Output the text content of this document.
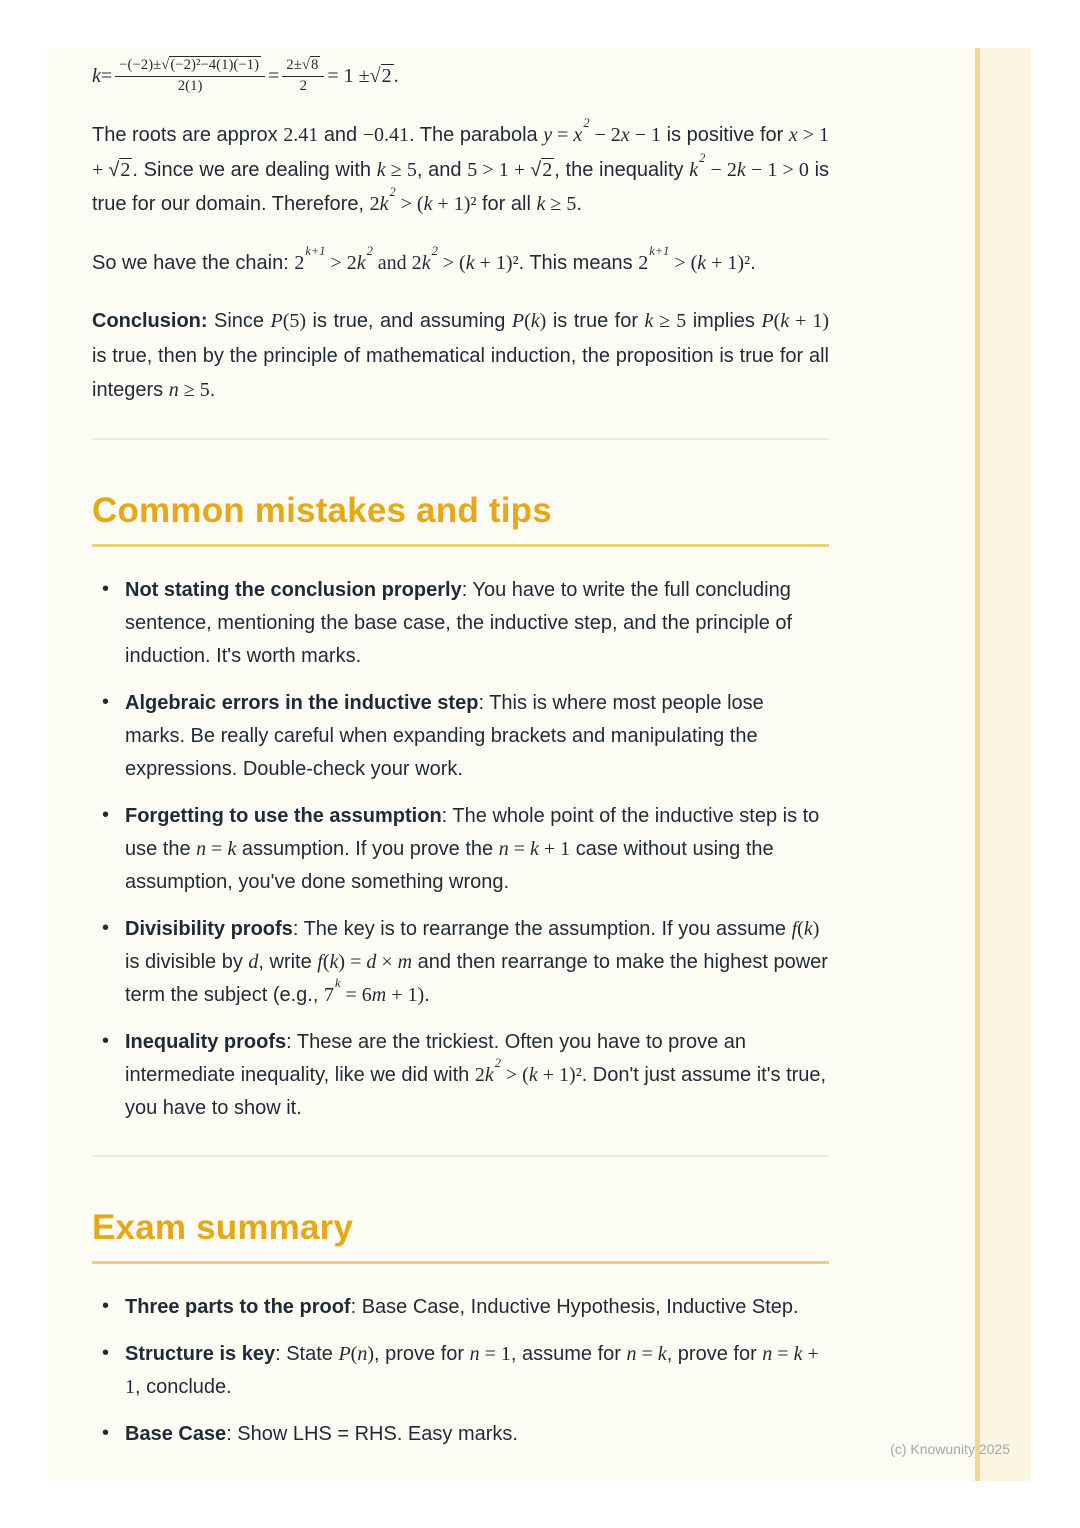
$k = \frac{\text{−(−2)± √ (−2)²−4(1)(−1)}}{2(1)} = \frac{2\pm √ 8}{2} = 1$ ± √ 2 .

The roots are approx 2.41 and −0.41. The parabola $y = x^2 - 2x - 1$ is positive for x > 1 + √ 2 . Since we are dealing with k ≥ 5, and 5 > 1 + √ 2 , the inequality $k^2 - 2k - 1 > 0$ is true for our domain. Therefore, $2k^2 > (k + 1)^2$ for all k ≥ 5.

So we have the chain: $2^{k+1} > 2k^2$ and $2k^2 > (k + 1)^2$. This means $2^{k+1} > (k + 1)^2$.

Conclusion: Since P(5) is true, and assuming P(k) is true for k ≥ 5 implies P(k + 1) is true, then by the principle of mathematical induction, the proposition is true for all integers n ≥ 5.

Common mistakes and tips
• Not stating the conclusion properly: You have to write the full concluding sentence, mentioning the base case, the inductive step, and the principle of induction. It's worth marks.
• Algebraic errors in the inductive step: This is where most people lose marks. Be really careful when expanding brackets and manipulating the expressions. Double-check your work.
• Forgetting to use the assumption: The whole point of the inductive step is to use the n = k assumption. If you prove the n = k + 1 case without using the assumption, you've done something wrong.
• Divisibility proofs: The key is to rearrange the assumption. If you assume f(k) is divisible by d, write f(k) = d × m and then rearrange to make the highest power term the subject (e.g., $7^k = 6m + 1$).
• Inequality proofs: These are the trickiest. Often you have to prove an intermediate inequality, like we did with $2k^2 > (k + 1)^2$. Don't just assume it's true, you have to show it.
Exam summary
• Three parts to the proof: Base Case, Inductive Hypothesis, Inductive Step.
• Structure is key: State P(n), prove for n = 1, assume for n = k, prove for n = k + 1, conclude.
• Base Case: Show LHS = RHS. Easy marks.
(c) Knowunity 2025
